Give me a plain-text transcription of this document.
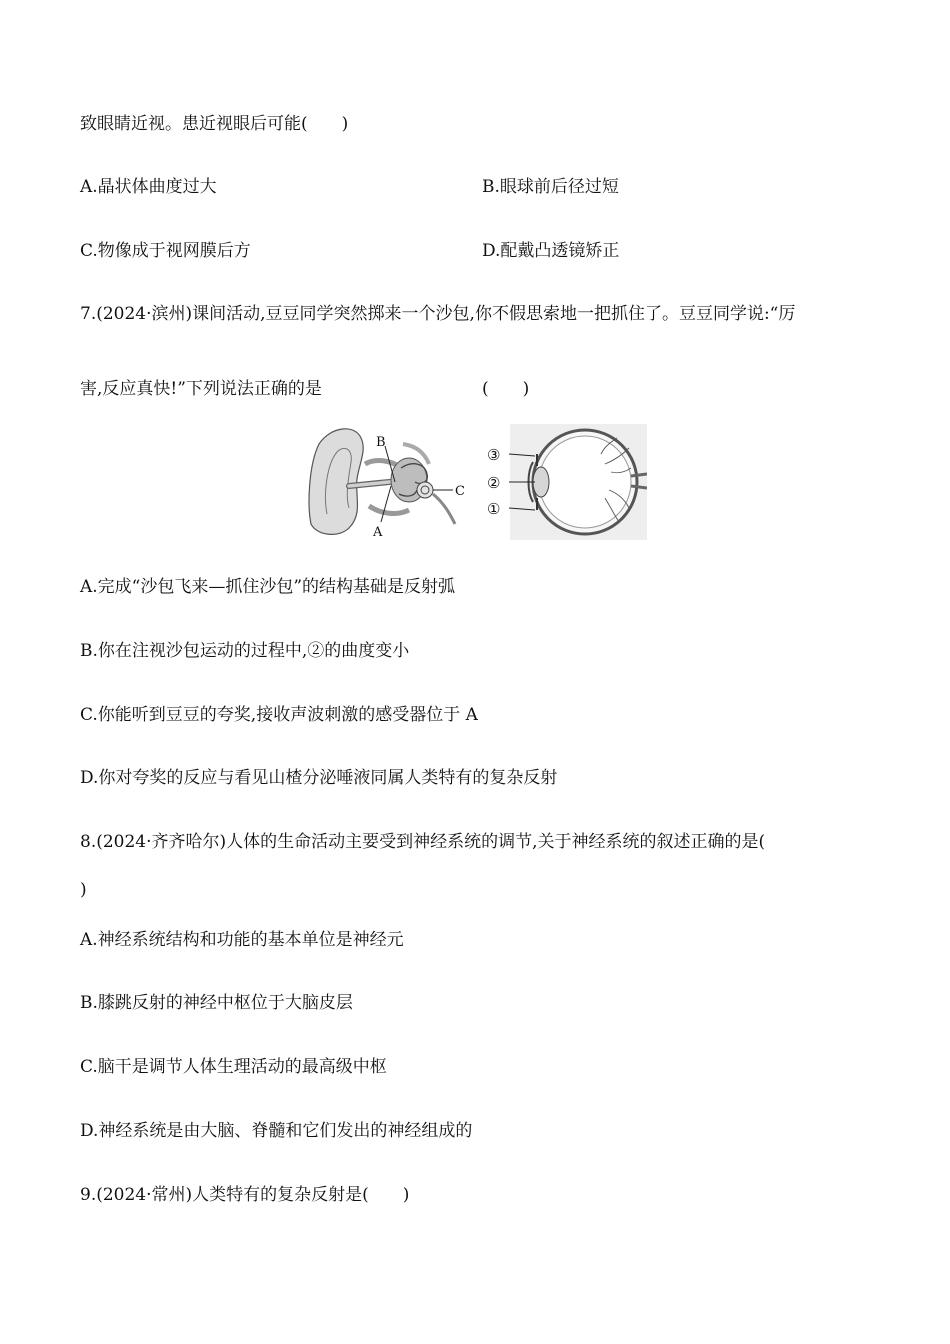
致眼睛近视。患近视眼后可能(　　)
A.晶状体曲度过大	B.眼球前后径过短
C.物像成于视网膜后方	D.配戴凸透镜矫正
7.(2024·滨州)课间活动,豆豆同学突然掷来一个沙包,你不假思索地一把抓住了。豆豆同学说:“厉
害,反应真快!”下列说法正确的是	(　　)
B
C
A
③
②
①
A.完成“沙包飞来—抓住沙包”的结构基础是反射弧
B.你在注视沙包运动的过程中,②的曲度变小
C.你能听到豆豆的夸奖,接收声波刺激的感受器位于 A
D.你对夸奖的反应与看见山楂分泌唾液同属人类特有的复杂反射
8.(2024·齐齐哈尔)人体的生命活动主要受到神经系统的调节,关于神经系统的叙述正确的是(
)
A.神经系统结构和功能的基本单位是神经元
B.膝跳反射的神经中枢位于大脑皮层
C.脑干是调节人体生理活动的最高级中枢
D.神经系统是由大脑、脊髓和它们发出的神经组成的
9.(2024·常州)人类特有的复杂反射是(　　)
